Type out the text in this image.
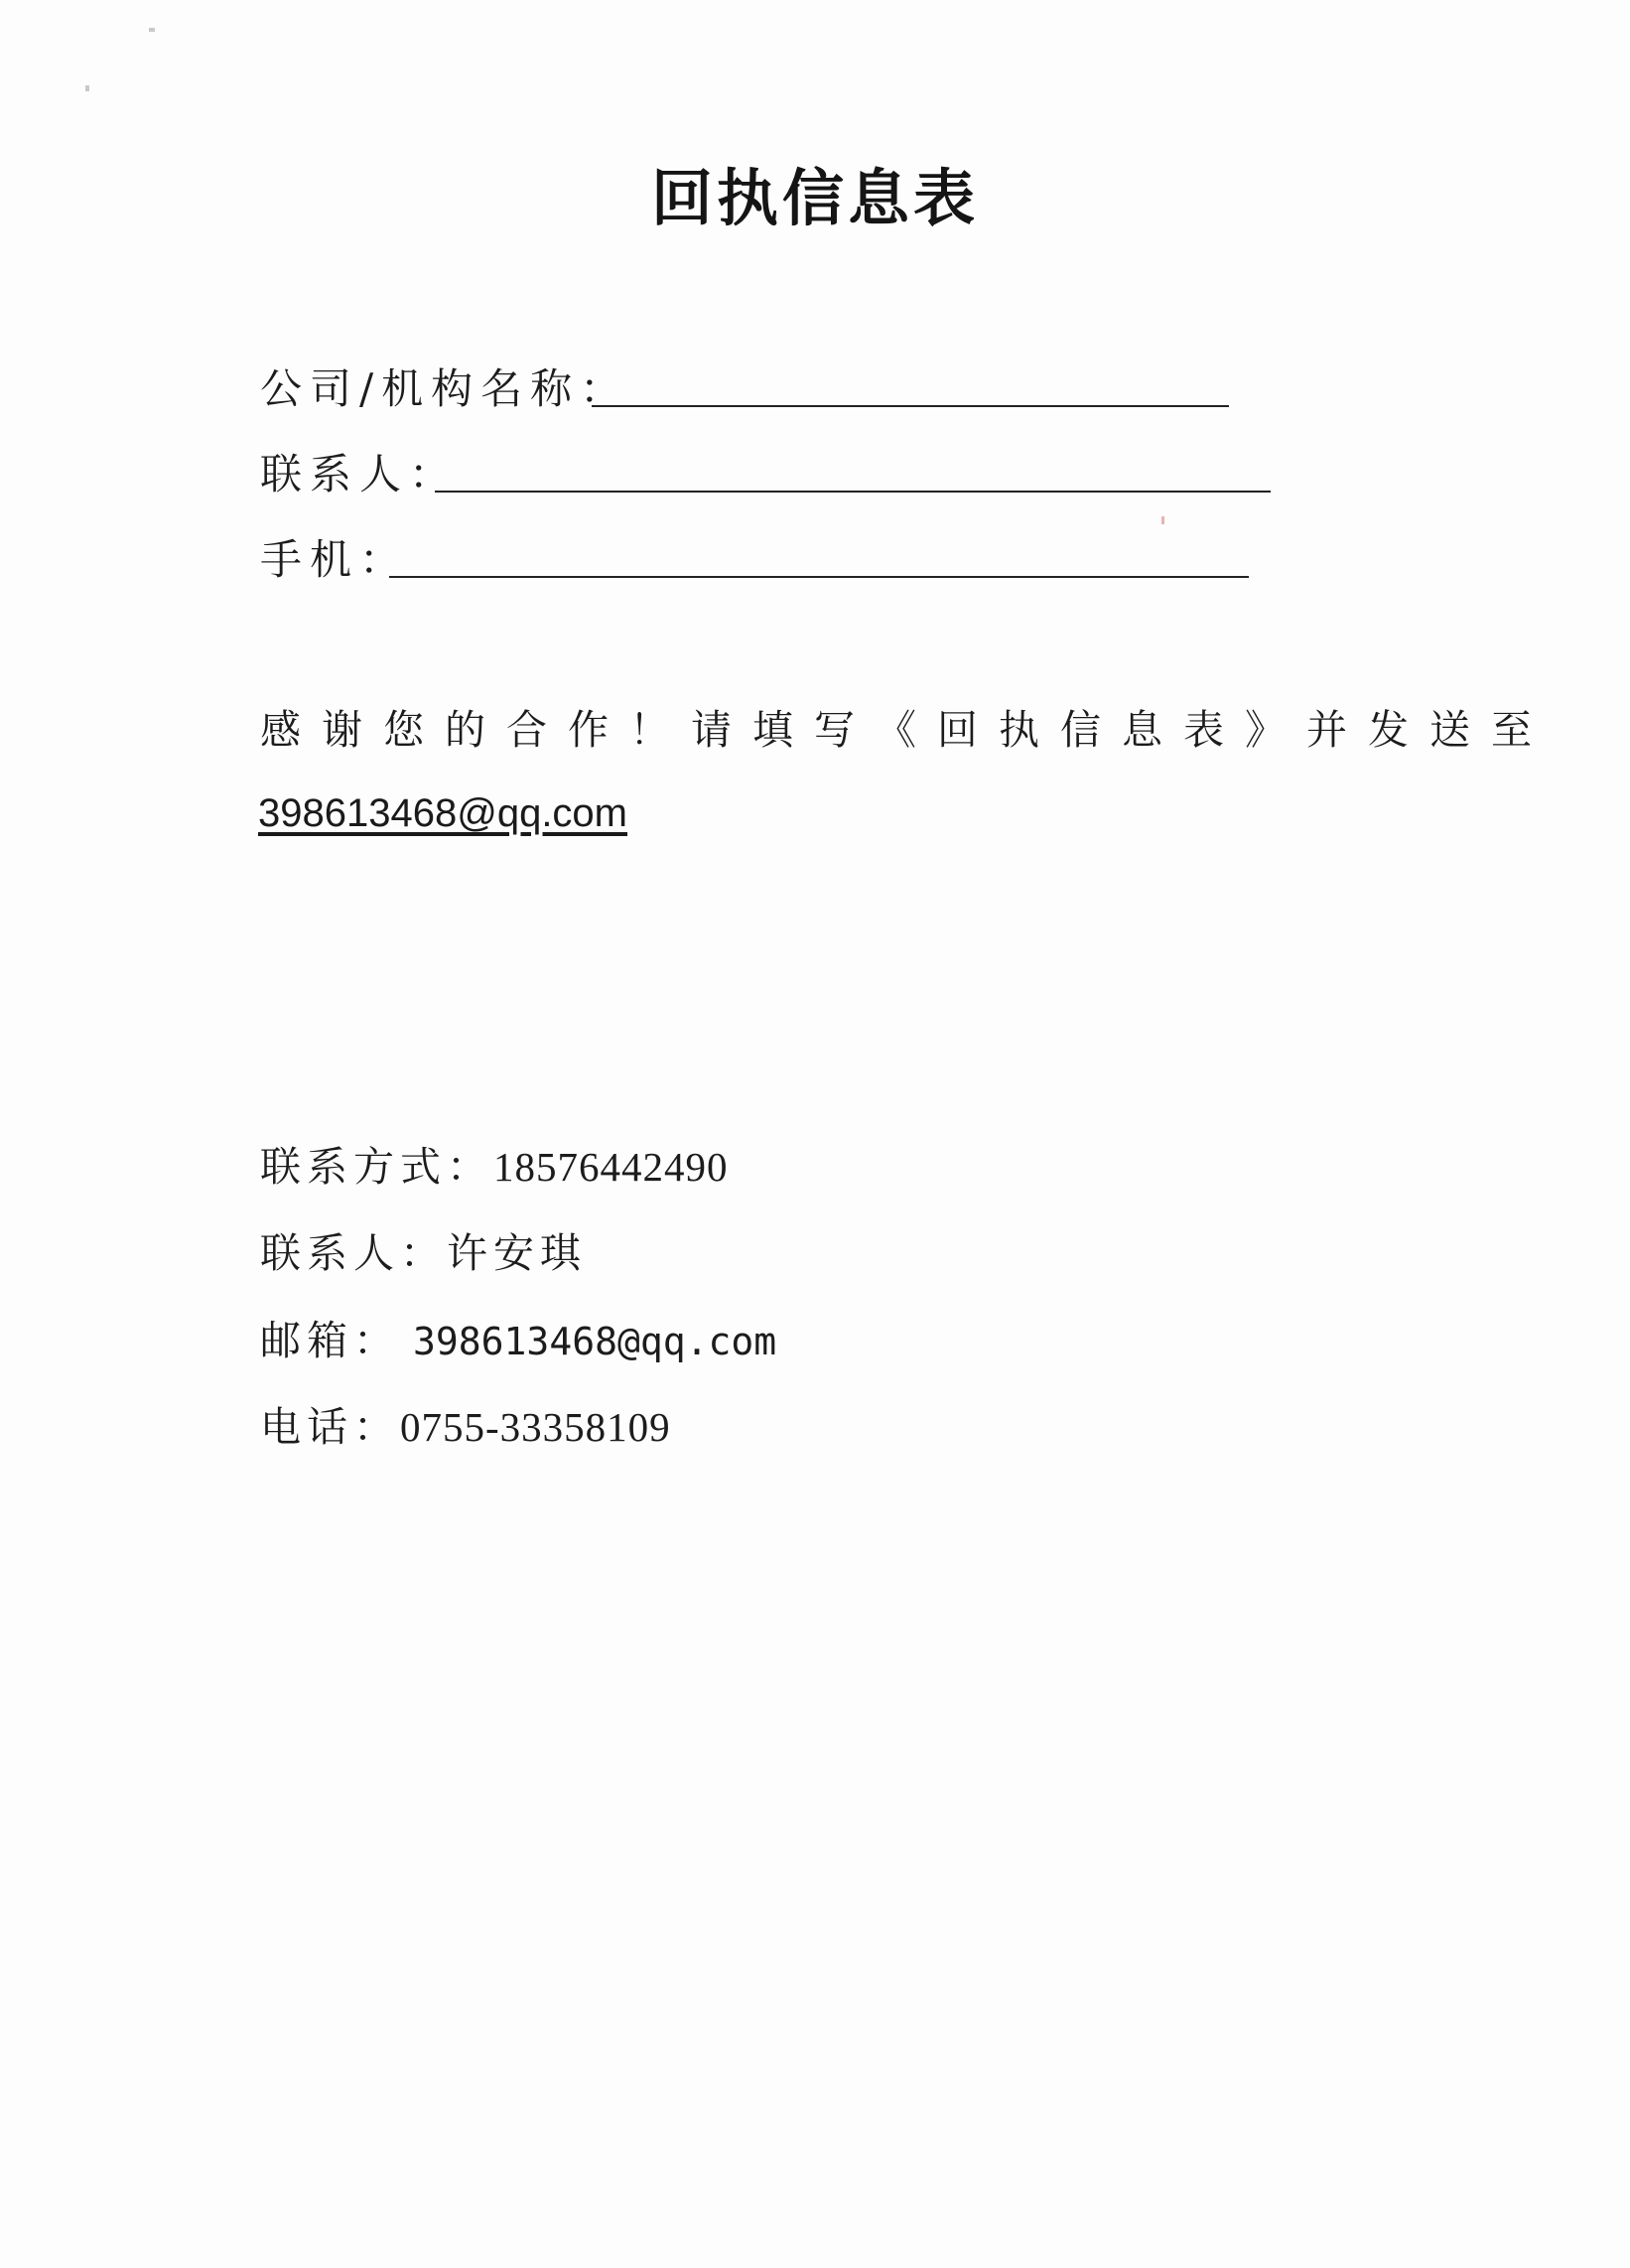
回执信息表
公司/机构名称：
联系人：
手机：
感谢您的合作！请填写《回执信息表》并发送至
398613468@qq.com
联系方式：18576442490
联系人：许安琪
邮箱： 398613468@qq.com
电话：0755-33358109
